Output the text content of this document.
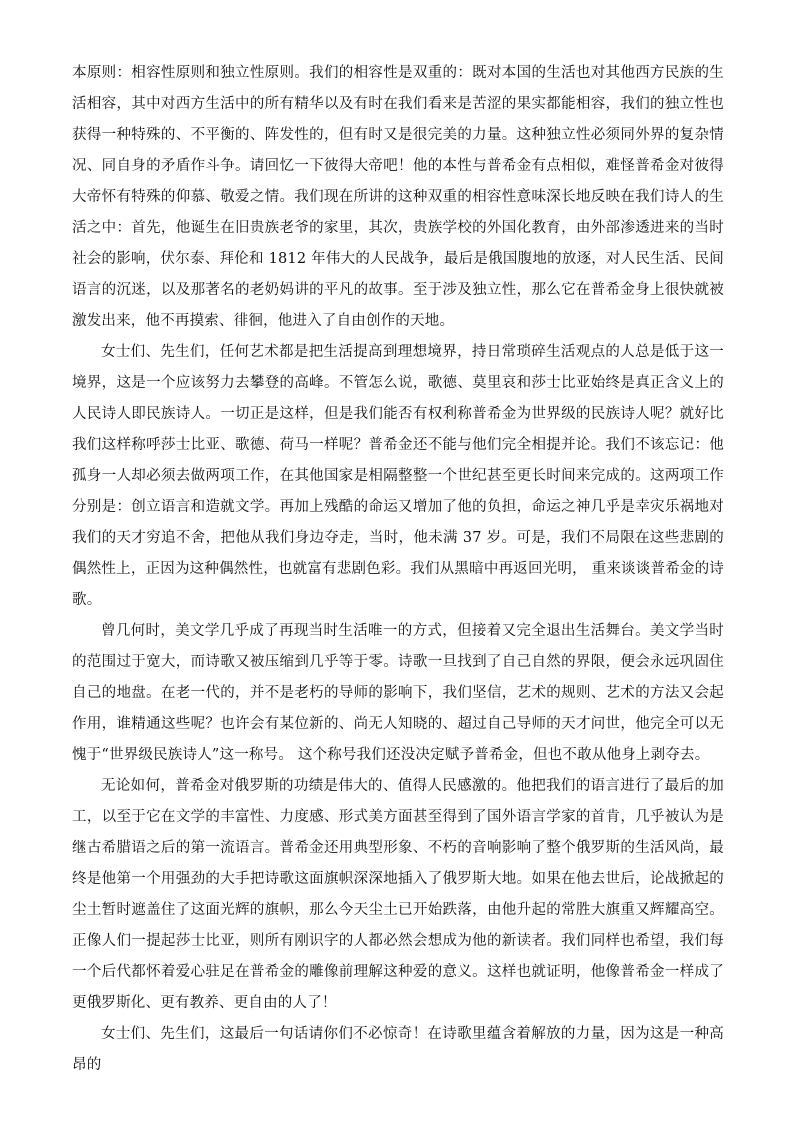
本原则：相容性原则和独立性原则。我们的相容性是双重的：既对本国的生活也对其他西方民族的生活相容，其中对西方生活中的所有精华以及有时在我们看来是苦涩的果实都能相容，我们的独立性也获得一种特殊的、不平衡的、阵发性的，但有时又是很完美的力量。这种独立性必须同外界的复杂情况、同自身的矛盾作斗争。请回忆一下彼得大帝吧！他的本性与普希金有点相似，难怪普希金对彼得大帝怀有特殊的仰慕、敬爱之情。我们现在所讲的这种双重的相容性意味深长地反映在我们诗人的生活之中：首先，他诞生在旧贵族老爷的家里，其次，贵族学校的外国化教育，由外部渗透进来的当时社会的影响，伏尔泰、拜伦和 1812 年伟大的人民战争，最后是俄国腹地的放逐，对人民生活、民间语言的沉迷，以及那著名的老奶妈讲的平凡的故事。至于涉及独立性，那么它在普希金身上很快就被激发出来，他不再摸索、徘徊，他进入了自由创作的天地。

女士们、先生们，任何艺术都是把生活提高到理想境界，持日常琐碎生活观点的人总是低于这一境界，这是一个应该努力去攀登的高峰。不管怎么说，歌德、莫里哀和莎士比亚始终是真正含义上的人民诗人即民族诗人。一切正是这样，但是我们能否有权利称普希金为世界级的民族诗人呢？就好比我们这样称呼莎士比亚、歌德、荷马一样呢？普希金还不能与他们完全相提并论。我们不该忘记：他孤身一人却必须去做两项工作，在其他国家是相隔整整一个世纪甚至更长时间来完成的。这两项工作分别是：创立语言和造就文学。再加上残酷的命运又增加了他的负担，命运之神几乎是幸灾乐祸地对我们的天才穷追不舍，把他从我们身边夺走，当时，他未满 37 岁。可是，我们不局限在这些悲剧的偶然性上，正因为这种偶然性，也就富有悲剧色彩。我们从黑暗中再返回光明， 重来谈谈普希金的诗歌。

曾几何时，美文学几乎成了再现当时生活唯一的方式，但接着又完全退出生活舞台。美文学当时的范围过于宽大，而诗歌又被压缩到几乎等于零。诗歌一旦找到了自己自然的界限，便会永远巩固住自己的地盘。在老一代的，并不是老朽的导师的影响下，我们坚信，艺术的规则、艺术的方法又会起作用，谁精通这些呢？也许会有某位新的、尚无人知晓的、超过自己导师的天才问世，他完全可以无愧于“世界级民族诗人”这一称号。 这个称号我们还没决定赋予普希金，但也不敢从他身上剥夺去。

无论如何，普希金对俄罗斯的功绩是伟大的、值得人民感激的。他把我们的语言进行了最后的加工，以至于它在文学的丰富性、力度感、形式美方面甚至得到了国外语言学家的首肯，几乎被认为是继古希腊语之后的第一流语言。普希金还用典型形象、不朽的音响影响了整个俄罗斯的生活风尚，最终是他第一个用强劲的大手把诗歌这面旗帜深深地插入了俄罗斯大地。如果在他去世后，论战掀起的尘土暂时遮盖住了这面光辉的旗帜，那么今天尘土已开始跌落，由他升起的常胜大旗重又辉耀高空。正像人们一提起莎士比亚，则所有刚识字的人都必然会想成为他的新读者。我们同样也希望，我们每一个后代都怀着爱心驻足在普希金的雕像前理解这种爱的意义。这样也就证明，他像普希金一样成了更俄罗斯化、更有教养、更自由的人了！

女士们、先生们，这最后一句话请你们不必惊奇！在诗歌里蕴含着解放的力量，因为这是一种高昂的
